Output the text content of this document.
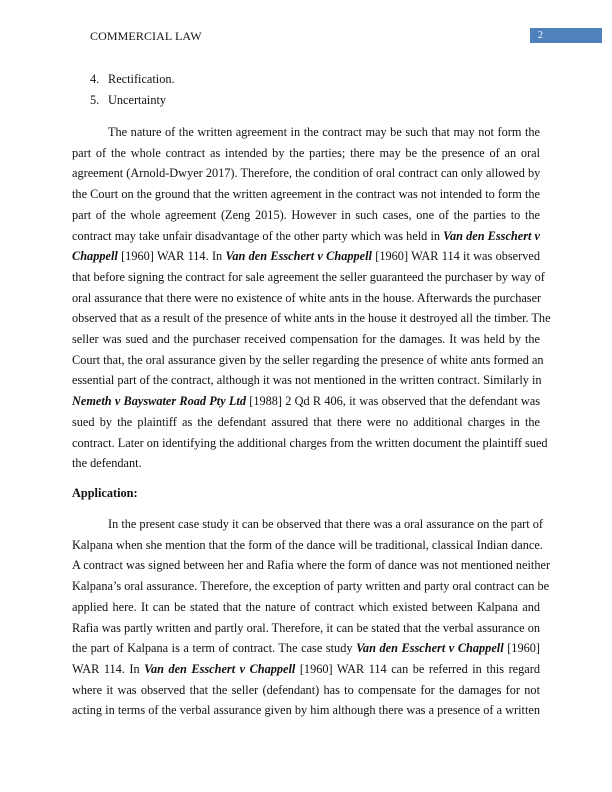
COMMERCIAL LAW	2
4. Rectification.
5. Uncertainty
The nature of the written agreement in the contract may be such that may not form the
part of the whole contract as intended by the parties; there may be the presence of an oral
agreement (Arnold-Dwyer 2017). Therefore, the condition of oral contract can only allowed by
the Court on the ground that the written agreement in the contract was not intended to form the
part of the whole agreement (Zeng 2015). However in such cases, one of the parties to the
contract may take unfair disadvantage of the other party which was held in Van den Esschert v
Chappell [1960] WAR 114. In Van den Esschert v Chappell [1960] WAR 114 it was observed
that before signing the contract for sale agreement the seller guaranteed the purchaser by way of
oral assurance that there were no existence of white ants in the house. Afterwards the purchaser
observed that as a result of the presence of white ants in the house it destroyed all the timber. The
seller was sued and the purchaser received compensation for the damages. It was held by the
Court that, the oral assurance given by the seller regarding the presence of white ants formed an
essential part of the contract, although it was not mentioned in the written contract. Similarly in
Nemeth v Bayswater Road Pty Ltd [1988] 2 Qd R 406, it was observed that the defendant was
sued by the plaintiff as the defendant assured that there were no additional charges in the
contract. Later on identifying the additional charges from the written document the plaintiff sued
the defendant.
Application:
In the present case study it can be observed that there was a oral assurance on the part of
Kalpana when she mention that the form of the dance will be traditional, classical Indian dance.
A contract was signed between her and Rafia where the form of dance was not mentioned neither
Kalpana’s oral assurance. Therefore, the exception of party written and party oral contract can be
applied here. It can be stated that the nature of contract which existed between Kalpana and
Rafia was partly written and partly oral. Therefore, it can be stated that the verbal assurance on
the part of Kalpana is a term of contract. The case study Van den Esschert v Chappell [1960]
WAR 114. In Van den Esschert v Chappell [1960] WAR 114 can be referred in this regard
where it was observed that the seller (defendant) has to compensate for the damages for not
acting in terms of the verbal assurance given by him although there was a presence of a written
